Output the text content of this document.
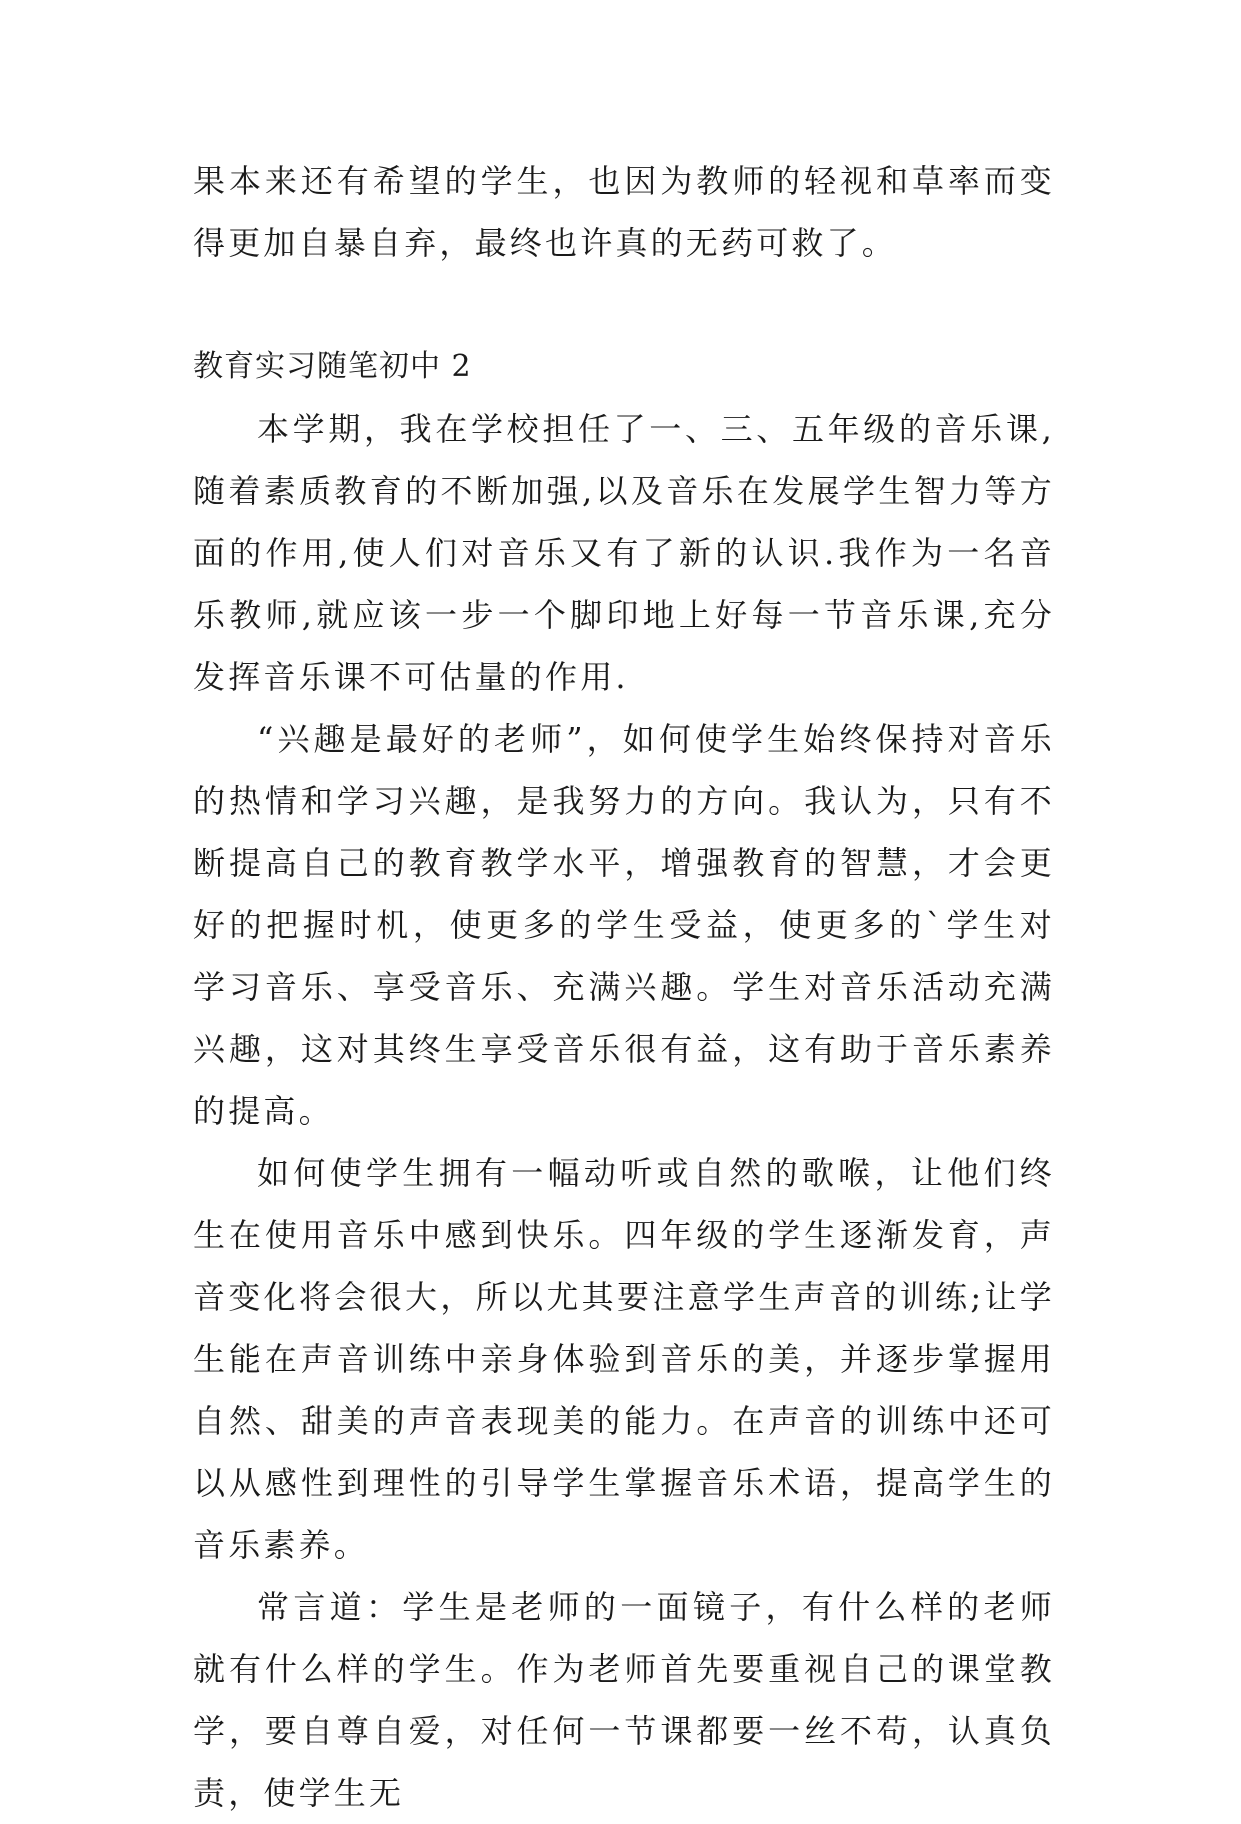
果本来还有希望的学生，也因为教师的轻视和草率而变得更加自暴自弃，最终也许真的无药可救了。

教育实习随笔初中 2

本学期，我在学校担任了一、三、五年级的音乐课,随着素质教育的不断加强,以及音乐在发展学生智力等方面的作用,使人们对音乐又有了新的认识.我作为一名音乐教师,就应该一步一个脚印地上好每一节音乐课,充分发挥音乐课不可估量的作用.

“兴趣是最好的老师”，如何使学生始终保持对音乐的热情和学习兴趣，是我努力的方向。我认为，只有不断提高自己的教育教学水平，增强教育的智慧，才会更好的把握时机，使更多的学生受益，使更多的`学生对学习音乐、享受音乐、充满兴趣。学生对音乐活动充满兴趣，这对其终生享受音乐很有益，这有助于音乐素养的提高。

如何使学生拥有一幅动听或自然的歌喉，让他们终生在使用音乐中感到快乐。四年级的学生逐渐发育，声音变化将会很大，所以尤其要注意学生声音的训练;让学生能在声音训练中亲身体验到音乐的美，并逐步掌握用自然、甜美的声音表现美的能力。在声音的训练中还可以从感性到理性的引导学生掌握音乐术语，提高学生的音乐素养。

常言道：学生是老师的一面镜子，有什么样的老师就有什么样的学生。作为老师首先要重视自己的课堂教学，要自尊自爱，对任何一节课都要一丝不苟，认真负责，使学生无
